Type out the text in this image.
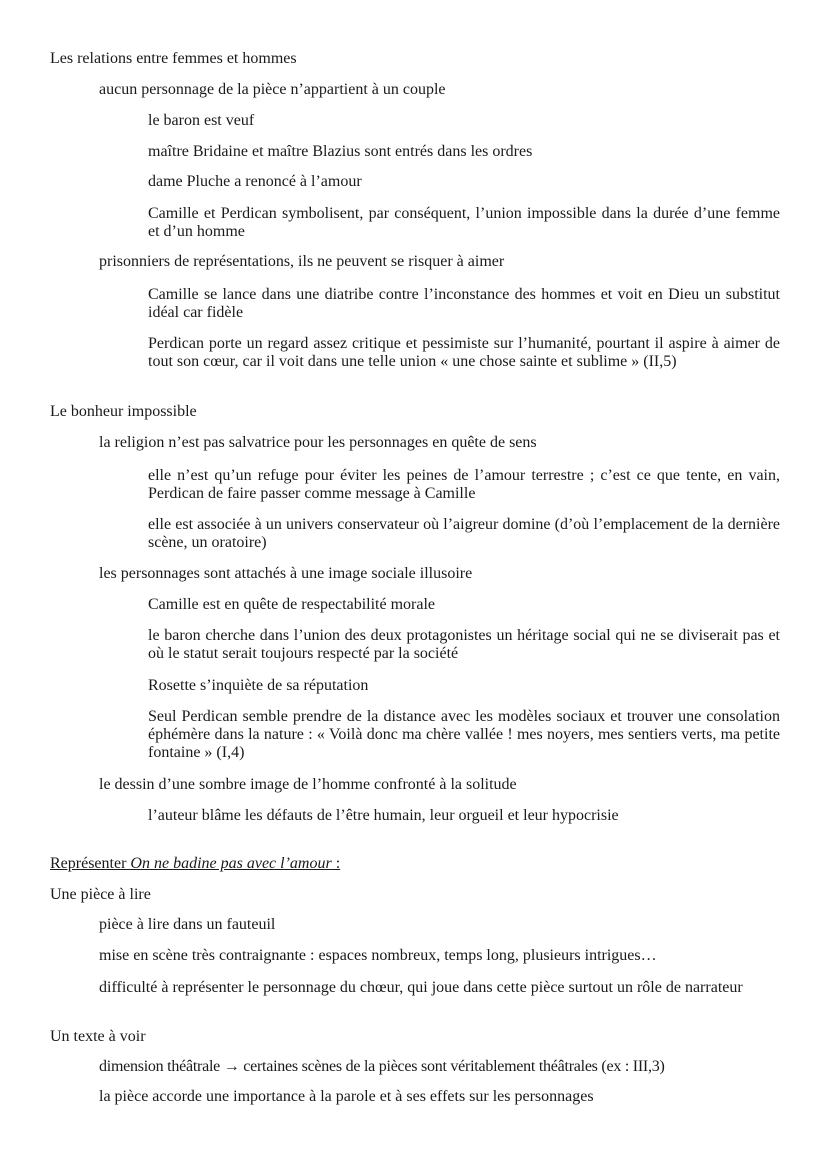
Les relations entre femmes et hommes
aucun personnage de la pièce n’appartient à un couple
le baron est veuf
maître Bridaine et maître Blazius sont entrés dans les ordres
dame Pluche a renoncé à l’amour
Camille et Perdican symbolisent, par conséquent, l’union impossible dans la durée d’une femme et d’un homme
prisonniers de représentations, ils ne peuvent se risquer à aimer
Camille se lance dans une diatribe contre l’inconstance des hommes et voit en Dieu un substitut idéal car fidèle
Perdican porte un regard assez critique et pessimiste sur l’humanité, pourtant il aspire à aimer de tout son cœur, car il voit dans une telle union « une chose sainte et sublime » (II,5)
Le bonheur impossible
la religion n’est pas salvatrice pour les personnages en quête de sens
elle n’est qu’un refuge pour éviter les peines de l’amour terrestre ; c’est ce que tente, en vain, Perdican de faire passer comme message à Camille
elle est associée à un univers conservateur où l’aigreur domine (d’où l’emplacement de la dernière scène, un oratoire)
les personnages sont attachés à une image sociale illusoire
Camille est en quête de respectabilité morale
le baron cherche dans l’union des deux protagonistes un héritage social qui ne se diviserait pas et où le statut serait toujours respecté par la société
Rosette s’inquiète de sa réputation
Seul Perdican semble prendre de la distance avec les modèles sociaux et trouver une consolation éphémère dans la nature : « Voilà donc ma chère vallée ! mes noyers, mes sentiers verts, ma petite fontaine » (I,4)
le dessin d’une sombre image de l’homme confronté à la solitude
l’auteur blâme les défauts de l’être humain, leur orgueil et leur hypocrisie
Représenter On ne badine pas avec l’amour :
Une pièce à lire
pièce à lire dans un fauteuil
mise en scène très contraignante : espaces nombreux, temps long, plusieurs intrigues…
difficulté à représenter le personnage du chœur, qui joue dans cette pièce surtout un rôle de narrateur
Un texte à voir
dimension théâtrale → certaines scènes de la pièces sont véritablement théâtrales (ex : III,3)
la pièce accorde une importance à la parole et à ses effets sur les personnages
